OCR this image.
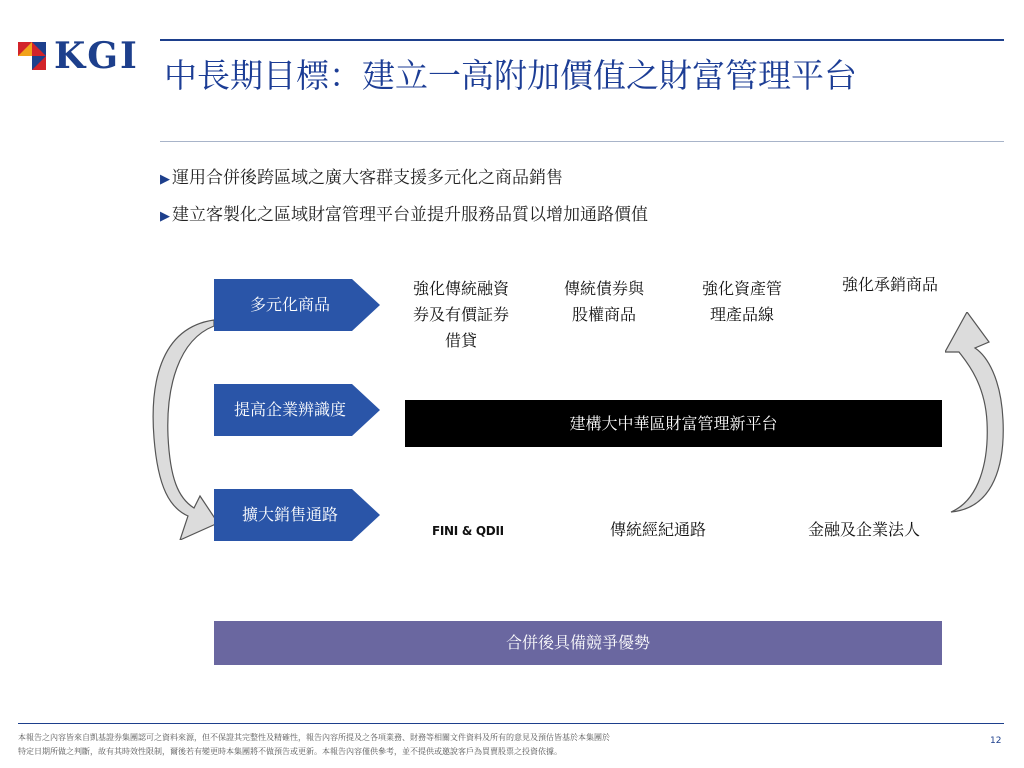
KGI 中長期目標：建立一高附加價值之財富管理平台
▶ 運用合併後跨區域之廣大客群支援多元化之商品銷售
▶ 建立客製化之區域財富管理平台並提升服務品質以增加通路價值
多元化商品
提高企業辨識度
擴大銷售通路
強化傳統融資
券及有價証券
借貸
傳統債券與
股權商品
強化資產管
理產品線
強化承銷商品
建構大中華區財富管理新平台
FINI & QDII	傳統經紀通路	金融及企業法人
合併後具備競爭優勢
本報告之內容皆來自凱基證券集團認可之資料來源，但不保證其完整性及精確性，報告內容所提及之各項業務、財務等相關文件資料及所有的意見及預估皆基於本集團於
特定日期所做之判斷，故有其時效性限制，爾後若有變更時本集團將不做預告或更新。本報告內容僅供參考，並不提供或邀說客戶為買賣股票之投資依據。
12
